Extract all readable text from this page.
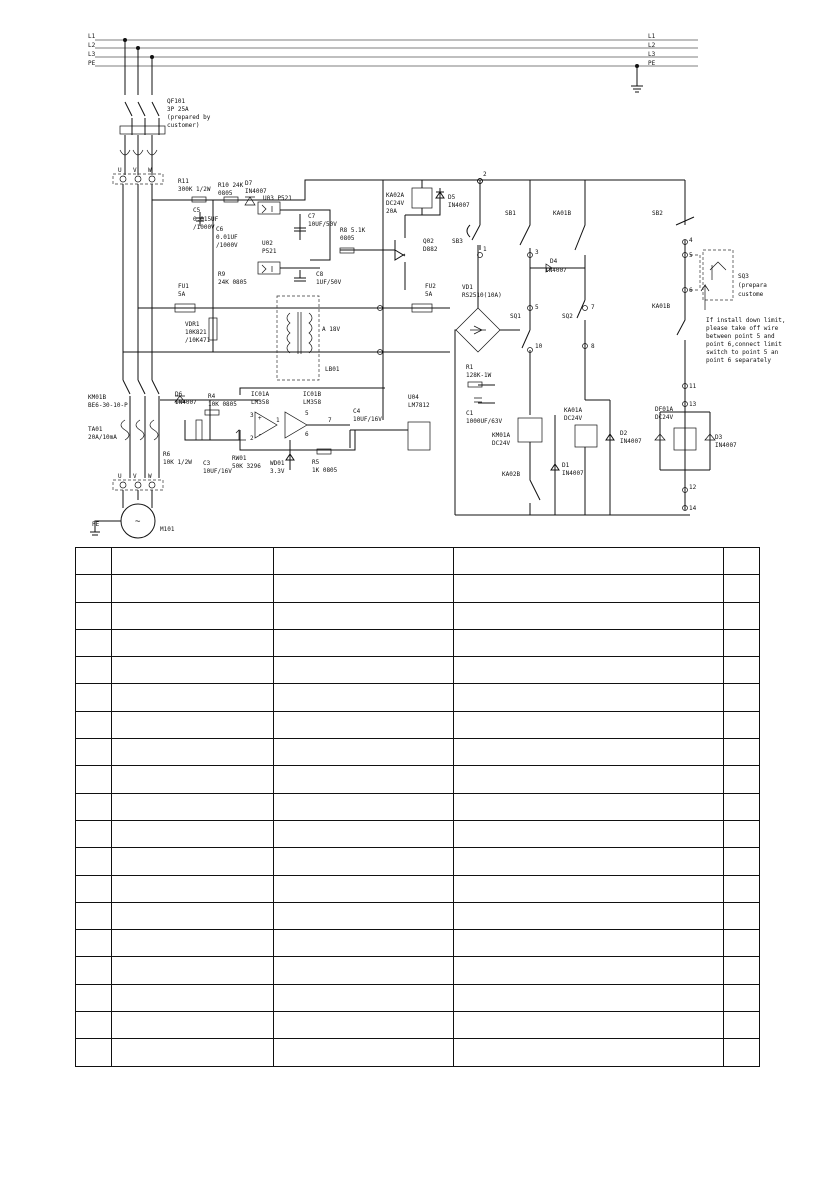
L1
L2
L3
PE
L1
L2
L3
PE
~
QF101
3P 25A
(prepared by
customer)
U V W
U V W
KM01B
BE6-30-10-P
TA01
20A/10mA
M101
PE
R11
300K 1/2W
R10 24K
0805
D7
IN4007
U03 P521
C5
0.015UF
/1000V C6
0.01UF
/1000V
C7
10UF/50V
R8 5.1K
0805
U02
P521
C8
1UF/50V
R9
24K 0805
Q02
D882
KA02A
DC24V
20A
D5
IN4007
SB3
FU1
5A
FU2
5A
VDR1
10K821
/10K471
A 18V
LB01
VD1
RS2510(10A)
R1
128K-1W
C1
1000UF/63V
D6
IN4007
R4
10K 0805
R6
10K 1/2W C3
10UF/16V
RW01
50K 3296
IC01A
LM358
IC01B
LM358
WD01
3.3V
R5
1K 0805
C4
10UF/16V
U04
LM7812
SB1	KA01B
D4
IN4007
SQ1	SQ2
KM01A
DC24V
KA01A
DC24V
KA02B
D1
IN4007
D2
IN4007
SB2
SQ3
(prepara
custome
KA01B
DF01A
DC24V
D3
IN4007
If install down limit,
please take off wire
between point 5 and
point 6,connect limit
switch to point 5 an
point 6 separately
2
1	3
5
10
7
8
4
5
6
11
13
12
14
+
-
3
2
1
5
6
7
